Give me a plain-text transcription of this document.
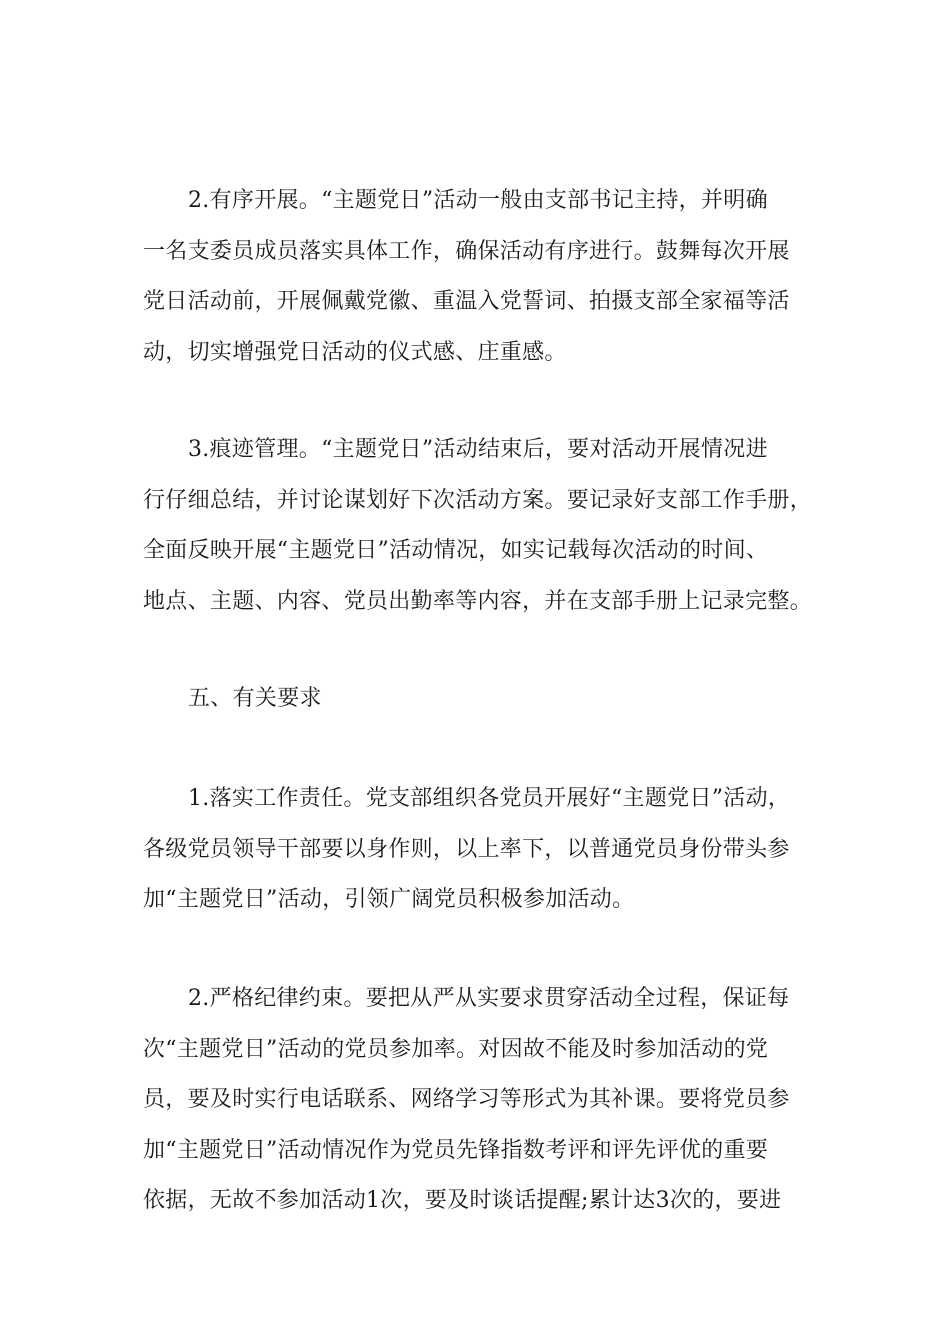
2.有序开展。“主题党日”活动一般由支部书记主持，并明确
一名支委员成员落实具体工作，确保活动有序进行。鼓舞每次开展
党日活动前，开展佩戴党徽、重温入党誓词、拍摄支部全家福等活
动，切实增强党日活动的仪式感、庄重感。
3.痕迹管理。“主题党日”活动结束后，要对活动开展情况进
行仔细总结，并讨论谋划好下次活动方案。要记录好支部工作手册，
全面反映开展“主题党日”活动情况，如实记载每次活动的时间、
地点、主题、内容、党员出勤率等内容，并在支部手册上记录完整。
五、有关要求
1.落实工作责任。党支部组织各党员开展好“主题党日”活动，
各级党员领导干部要以身作则，以上率下，以普通党员身份带头参
加“主题党日”活动，引领广阔党员积极参加活动。
2.严格纪律约束。要把从严从实要求贯穿活动全过程，保证每
次“主题党日”活动的党员参加率。对因故不能及时参加活动的党
员，要及时实行电话联系、网络学习等形式为其补课。要将党员参
加“主题党日”活动情况作为党员先锋指数考评和评先评优的重要
依据，无故不参加活动1次，要及时谈话提醒;累计达3次的，要进
